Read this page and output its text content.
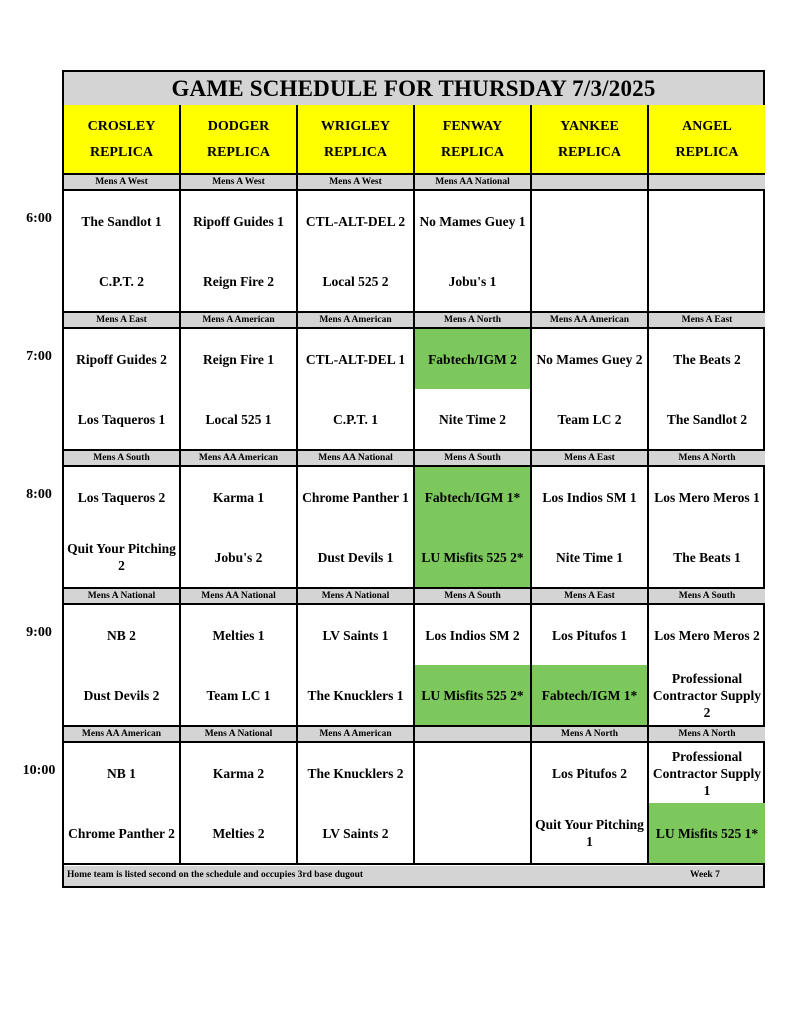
GAME SCHEDULE FOR THURSDAY 7/3/2025
CROSLEY
REPLICA
DODGER
REPLICA
WRIGLEY
REPLICA
FENWAY
REPLICA
YANKEE
REPLICA
ANGEL
REPLICA
Mens A West
The Sandlot 1
C.P.T. 2
Mens A West
Ripoff Guides 1
Reign Fire 2
Mens A West
CTL-ALT-DEL 2
Local 525 2
Mens AA National
No Mames Guey 1
Jobu's 1
Mens A East
Ripoff Guides 2
Los Taqueros 1
Mens A American
Reign Fire 1
Local 525 1
Mens A American
CTL-ALT-DEL 1
C.P.T. 1
Mens A North
Fabtech/IGM 2
Nite Time 2
Mens AA American
No Mames Guey 2
Team LC 2
Mens A East
The Beats 2
The Sandlot 2
Mens A South
Los Taqueros 2
Quit Your Pitching 2
Mens AA American
Karma 1
Jobu's 2
Mens AA National
Chrome Panther 1
Dust Devils 1
Mens A South
Fabtech/IGM 1*
LU Misfits 525 2*
Mens A East
Los Indios SM 1
Nite Time 1
Mens A North
Los Mero Meros 1
The Beats 1
Mens A National
NB 2
Dust Devils 2
Mens AA National
Melties 1
Team LC 1
Mens A National
LV Saints 1
The Knucklers 1
Mens A South
Los Indios SM 2
LU Misfits 525 2*
Mens A East
Los Pitufos 1
Fabtech/IGM 1*
Mens A South
Los Mero Meros 2
Professional Contractor Supply 2
Mens AA American
NB 1
Chrome Panther 2
Mens A National
Karma 2
Melties 2
Mens A American
The Knucklers 2
LV Saints 2
Mens A North
Los Pitufos 2
Quit Your Pitching 1
Mens A North
Professional Contractor Supply 1
LU Misfits 525 1*
Home team is listed second on the schedule and occupies 3rd base dugout	Week 7
6:00
7:00
8:00
9:00
10:00
